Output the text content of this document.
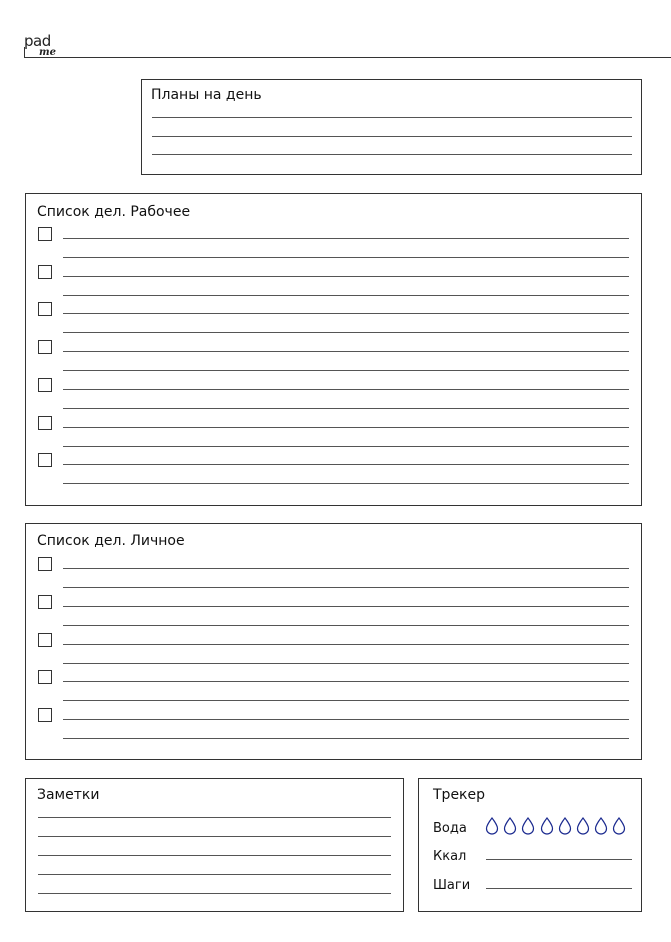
pad
me
Планы на день
Список дел. Рабочее
Список дел. Личное
Заметки	Трекер
Вода
Ккал
Шаги
